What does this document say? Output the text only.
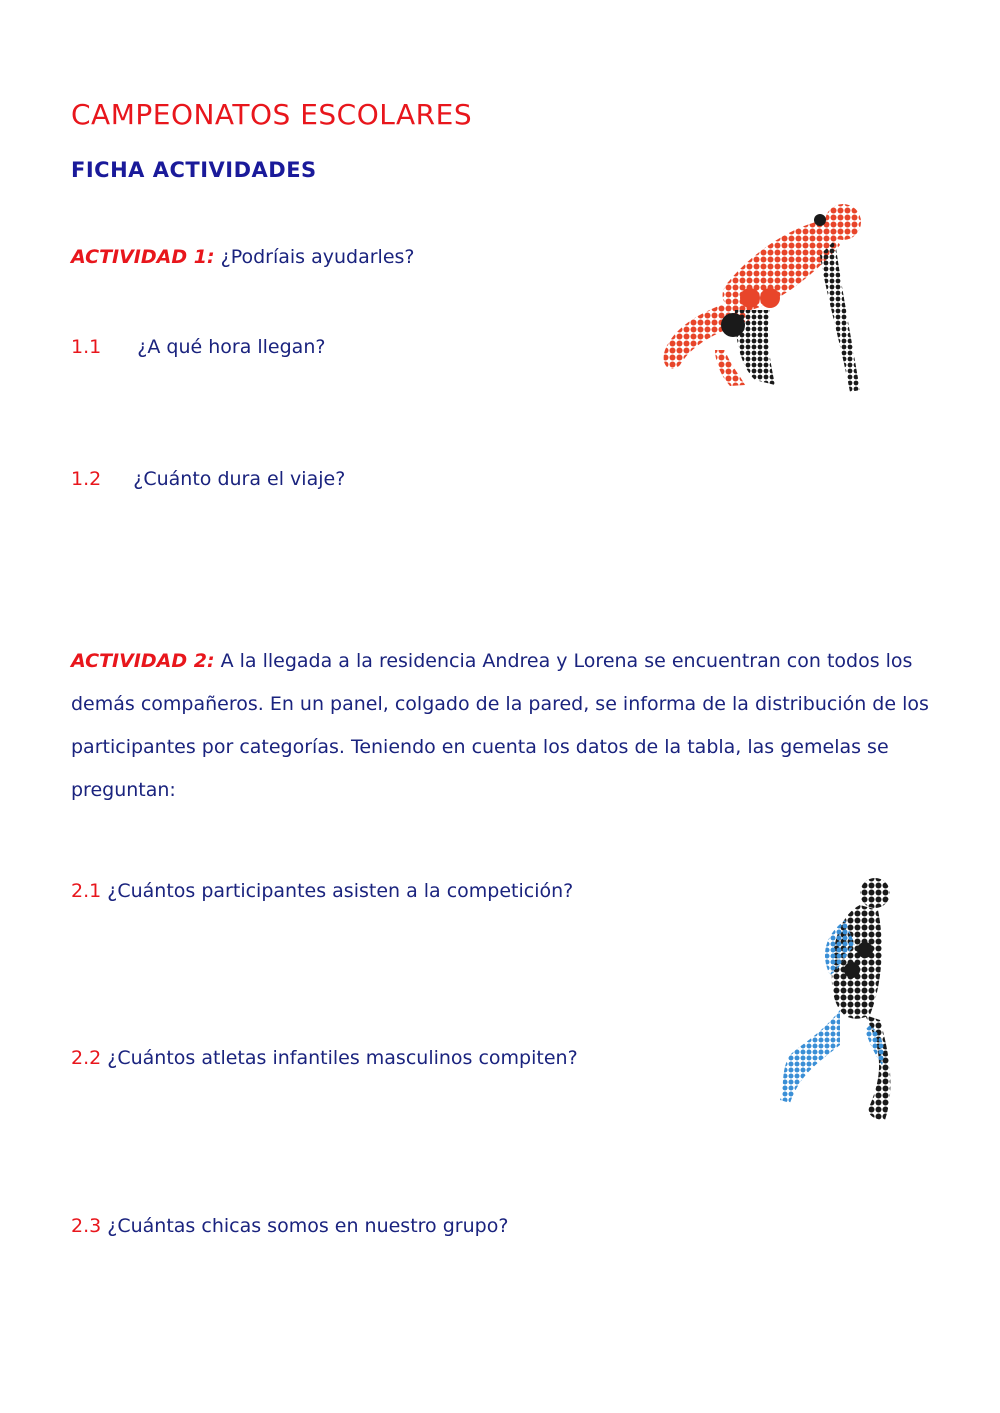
CAMPEONATOS ESCOLARES
FICHA ACTIVIDADES
ACTIVIDAD 1: ¿Podríais ayudarles?
1.1 ¿A qué hora llegan?
1.2 ¿Cuánto dura el viaje?

ACTIVIDAD 2: A la llegada a la residencia Andrea y Lorena se encuentran con todos los

demás compañeros. En un panel, colgado de la pared, se informa de la distribución de los

participantes por categorías. Teniendo en cuenta los datos de la tabla, las gemelas se

preguntan:

2.1 ¿Cuántos participantes asisten a la competición?
2.2 ¿Cuántos atletas infantiles masculinos compiten?
2.3 ¿Cuántas chicas somos en nuestro grupo?
